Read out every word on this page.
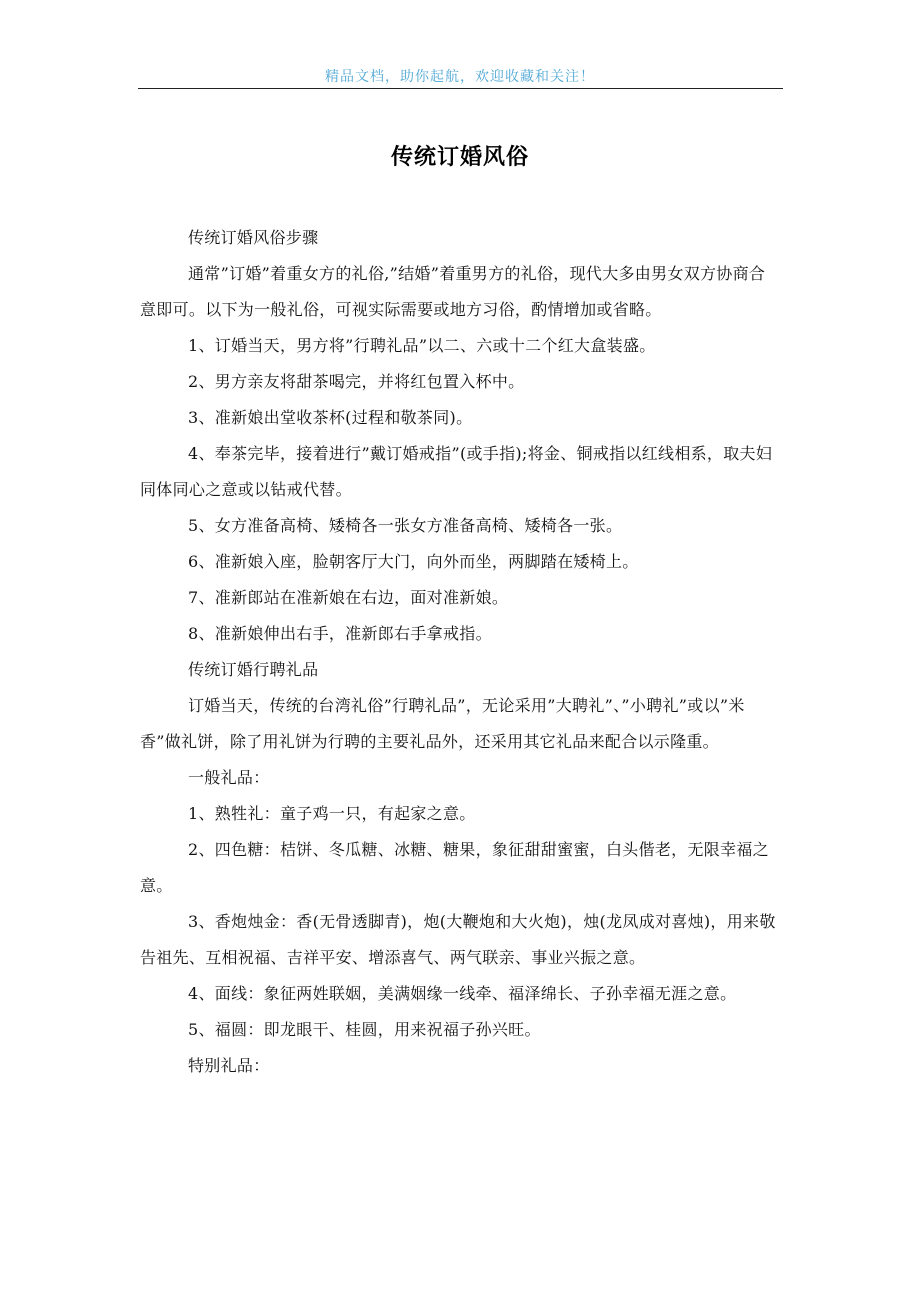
精品文档，助你起航，欢迎收藏和关注！
传统订婚风俗

传统订婚风俗步骤

通常”订婚”着重女方的礼俗,”结婚”着重男方的礼俗，现代大多由男女双方协商合意即可。以下为一般礼俗，可视实际需要或地方习俗，酌情增加或省略。

1、订婚当天，男方将”行聘礼品”以二、六或十二个红大盒装盛。

2、男方亲友将甜茶喝完，并将红包置入杯中。

3、准新娘出堂收茶杯(过程和敬茶同)。

4、奉茶完毕，接着进行”戴订婚戒指”(或手指);将金、铜戒指以红线相系，取夫妇同体同心之意或以钻戒代替。

5、女方准备高椅、矮椅各一张女方准备高椅、矮椅各一张。

6、准新娘入座，脸朝客厅大门，向外而坐，两脚踏在矮椅上。

7、准新郎站在准新娘在右边，面对准新娘。

8、准新娘伸出右手，准新郎右手拿戒指。

传统订婚行聘礼品

订婚当天，传统的台湾礼俗”行聘礼品”，无论采用”大聘礼”、”小聘礼”或以”米香”做礼饼，除了用礼饼为行聘的主要礼品外，还采用其它礼品来配合以示隆重。

一般礼品：

1、熟牲礼：童子鸡一只，有起家之意。

2、四色糖：桔饼、冬瓜糖、冰糖、糖果，象征甜甜蜜蜜，白头偕老，无限幸福之意。

3、香炮烛金：香(无骨透脚青)，炮(大鞭炮和大火炮)，烛(龙凤成对喜烛)，用来敬告祖先、互相祝福、吉祥平安、增添喜气、两气联亲、事业兴振之意。

4、面线：象征两姓联姻，美满姻缘一线牵、福泽绵长、子孙幸福无涯之意。

5、福圆：即龙眼干、桂圆，用来祝福子孙兴旺。

特别礼品：
